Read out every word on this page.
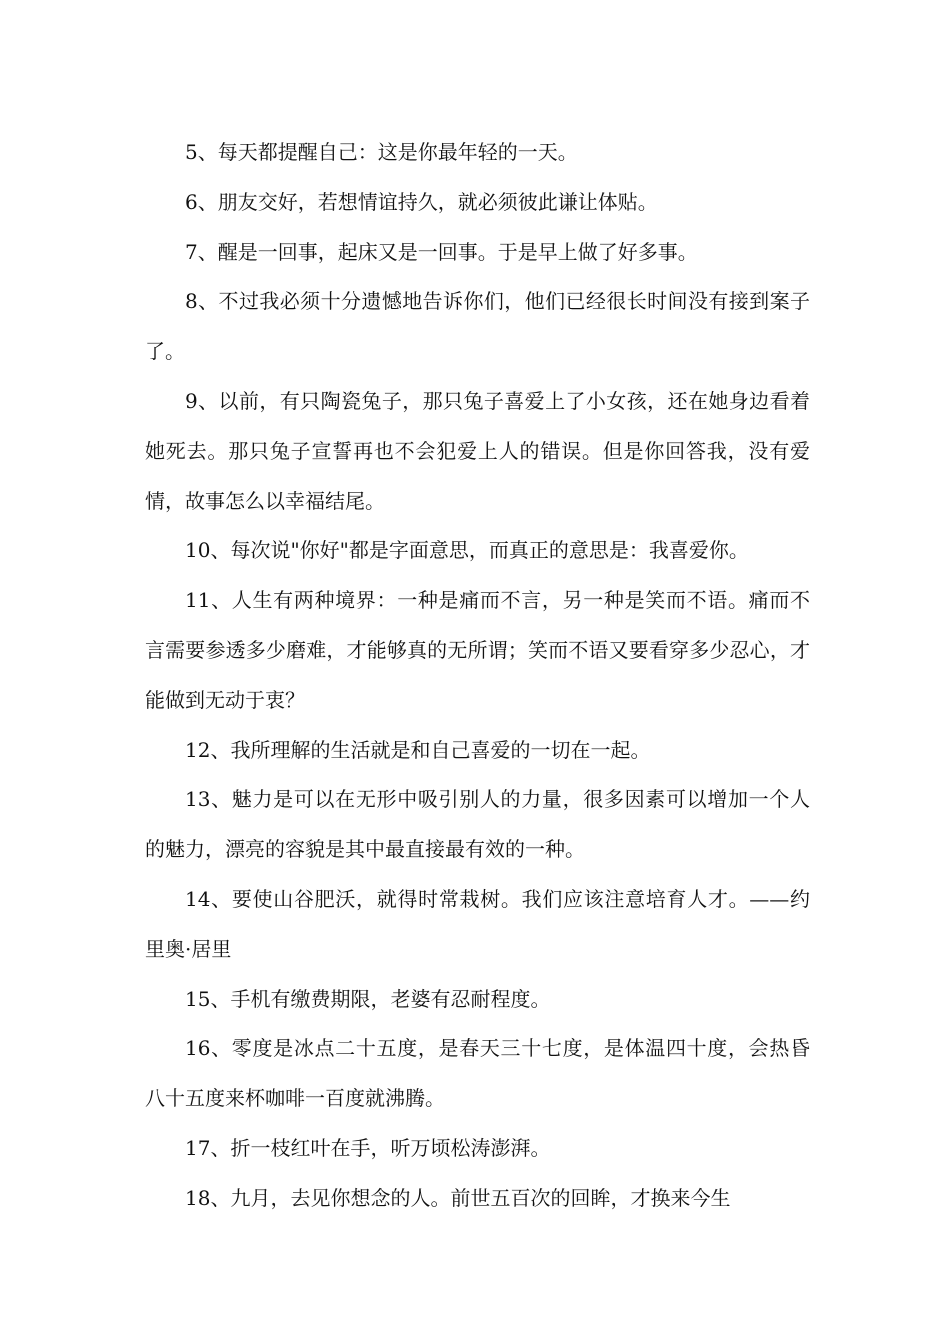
5、每天都提醒自己：这是你最年轻的一天。

6、朋友交好，若想情谊持久，就必须彼此谦让体贴。

7、醒是一回事，起床又是一回事。于是早上做了好多事。

8、不过我必须十分遗憾地告诉你们，他们已经很长时间没有接到案子了。

9、以前，有只陶瓷兔子，那只兔子喜爱上了小女孩，还在她身边看着她死去。那只兔子宣誓再也不会犯爱上人的错误。但是你回答我，没有爱情，故事怎么以幸福结尾。

10、每次说"你好"都是字面意思，而真正的意思是：我喜爱你。

11、人生有两种境界：一种是痛而不言，另一种是笑而不语。痛而不言需要参透多少磨难，才能够真的无所谓；笑而不语又要看穿多少忍心，才能做到无动于衷？

12、我所理解的生活就是和自己喜爱的一切在一起。

13、魅力是可以在无形中吸引别人的力量，很多因素可以增加一个人的魅力，漂亮的容貌是其中最直接最有效的一种。

14、要使山谷肥沃，就得时常栽树。我们应该注意培育人才。——约里奥·居里

15、手机有缴费期限，老婆有忍耐程度。

16、零度是冰点二十五度，是春天三十七度，是体温四十度，会热昏八十五度来杯咖啡一百度就沸腾。

17、折一枝红叶在手，听万顷松涛澎湃。

18、九月，去见你想念的人。前世五百次的回眸，才换来今生
